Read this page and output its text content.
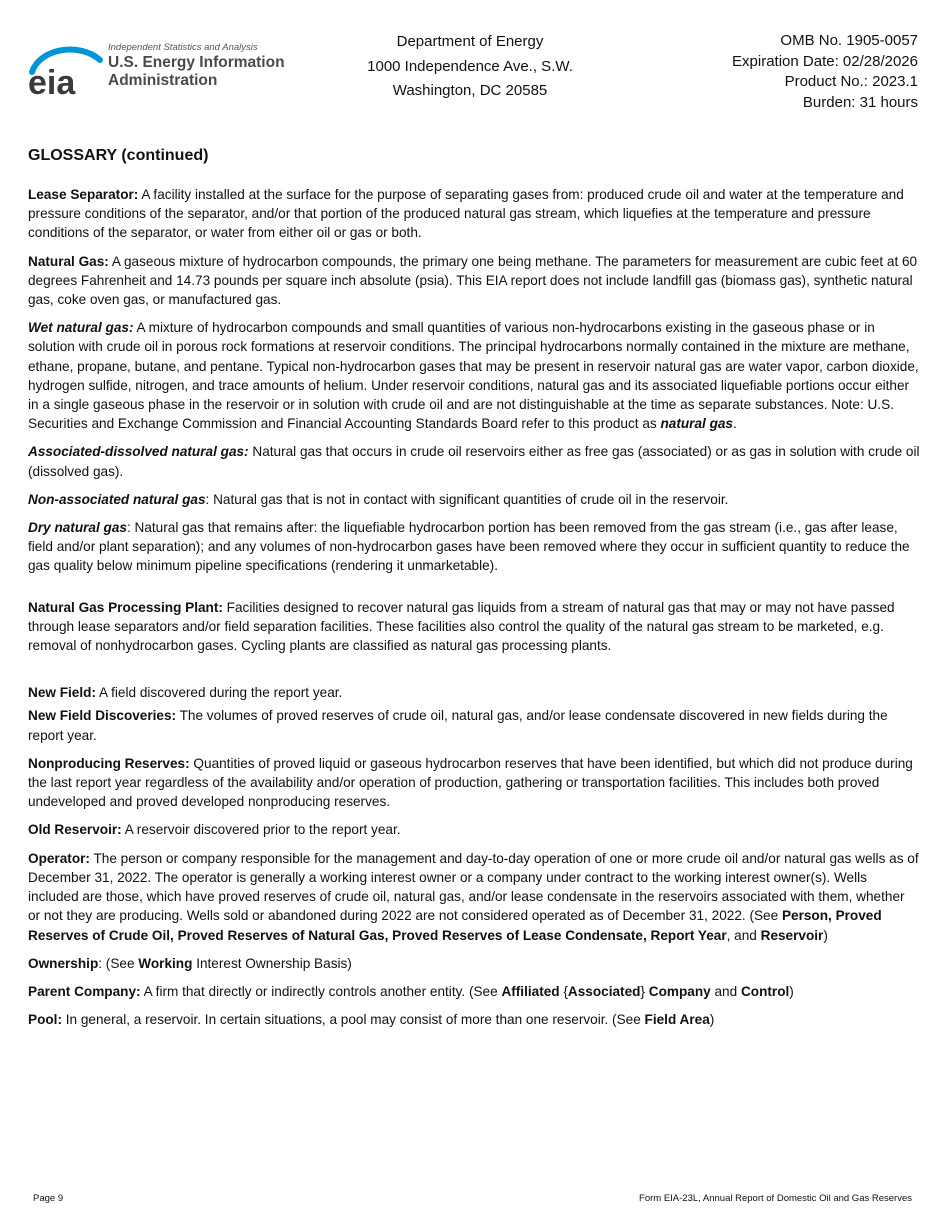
eia
Independent Statistics and Analysis
U.S. Energy Information
Administration
Department of Energy
1000 Independence Ave., S.W.
Washington, DC 20585
OMB No. 1905-0057
Expiration Date: 02/28/2026
Product No.: 2023.1
Burden: 31 hours
GLOSSARY (continued)

Lease Separator: A facility installed at the surface for the purpose of separating gases from: produced crude oil and water at the temperature and pressure conditions of the separator, and/or that portion of the produced natural gas stream, which liquefies at the temperature and pressure conditions of the separator, or water from either oil or gas or both.

Natural Gas: A gaseous mixture of hydrocarbon compounds, the primary one being methane. The parameters for measurement are cubic feet at 60 degrees Fahrenheit and 14.73 pounds per square inch absolute (psia). This EIA report does not include landfill gas (biomass gas), synthetic natural gas, coke oven gas, or manufactured gas.

Wet natural gas: A mixture of hydrocarbon compounds and small quantities of various non-hydrocarbons existing in the gaseous phase or in solution with crude oil in porous rock formations at reservoir conditions. The principal hydrocarbons normally contained in the mixture are methane, ethane, propane, butane, and pentane. Typical non-hydrocarbon gases that may be present in reservoir natural gas are water vapor, carbon dioxide, hydrogen sulfide, nitrogen, and trace amounts of helium. Under reservoir conditions, natural gas and its associated liquefiable portions occur either in a single gaseous phase in the reservoir or in solution with crude oil and are not distinguishable at the time as separate substances. Note: U.S. Securities and Exchange Commission and Financial Accounting Standards Board refer to this product as natural gas.

Associated-dissolved natural gas: Natural gas that occurs in crude oil reservoirs either as free gas (associated) or as gas in solution with crude oil (dissolved gas).

Non-associated natural gas: Natural gas that is not in contact with significant quantities of crude oil in the reservoir.

Dry natural gas: Natural gas that remains after: the liquefiable hydrocarbon portion has been removed from the gas stream (i.e., gas after lease, field and/or plant separation); and any volumes of non-hydrocarbon gases have been removed where they occur in sufficient quantity to reduce the gas quality below minimum pipeline specifications (rendering it unmarketable).

Natural Gas Processing Plant: Facilities designed to recover natural gas liquids from a stream of natural gas that may or may not have passed through lease separators and/or field separation facilities. These facilities also control the quality of the natural gas stream to be marketed, e.g. removal of nonhydrocarbon gases. Cycling plants are classified as natural gas processing plants.

New Field: A field discovered during the report year.

New Field Discoveries: The volumes of proved reserves of crude oil, natural gas, and/or lease condensate discovered in new fields during the report year.

Nonproducing Reserves: Quantities of proved liquid or gaseous hydrocarbon reserves that have been identified, but which did not produce during the last report year regardless of the availability and/or operation of production, gathering or transportation facilities. This includes both proved undeveloped and proved developed nonproducing reserves.

Old Reservoir: A reservoir discovered prior to the report year.

Operator: The person or company responsible for the management and day-to-day operation of one or more crude oil and/or natural gas wells as of December 31, 2022. The operator is generally a working interest owner or a company under contract to the working interest owner(s). Wells included are those, which have proved reserves of crude oil, natural gas, and/or lease condensate in the reservoirs associated with them, whether or not they are producing. Wells sold or abandoned during 2022 are not considered operated as of December 31, 2022. (See Person, Proved Reserves of Crude Oil, Proved Reserves of Natural Gas, Proved Reserves of Lease Condensate, Report Year, and Reservoir)

Ownership: (See Working Interest Ownership Basis)

Parent Company: A firm that directly or indirectly controls another entity. (See Affiliated {Associated} Company and Control)

Pool: In general, a reservoir. In certain situations, a pool may consist of more than one reservoir. (See Field Area)

Page 9	Form EIA-23L, Annual Report of Domestic Oil and Gas Reserves
